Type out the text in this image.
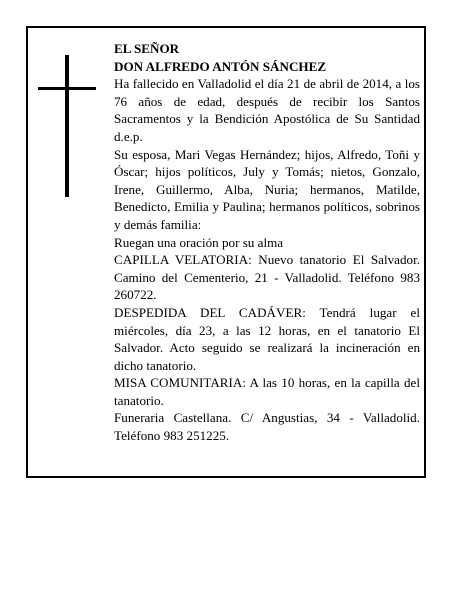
EL SEÑOR

DON ALFREDO ANTÓN SÁNCHEZ

Ha fallecido en Valladolid el día 21 de abril de 2014, a los 76 años de edad, después de recibir los Santos Sacramentos y la Bendición Apostólica de Su Santidad d.e.p.

Su esposa, Mari Vegas Hernández; hijos, Alfredo, Toñi y Óscar; hijos políticos, July y Tomás; nietos, Gonzalo, Irene, Guillermo, Alba, Nuria; hermanos, Matilde, Benedicto, Emilia y Paulina; hermanos políticos, sobrinos y demás familia:

Ruegan una oración por su alma

CAPILLA VELATORIA: Nuevo tanatorio El Salvador. Camino del Cementerio, 21 - Valladolid. Teléfono 983 260722.

DESPEDIDA DEL CADÁVER: Tendrá lugar el miércoles, día 23, a las 12 horas, en el tanatorio El Salvador. Acto seguido se realizará la incineración en dicho tanatorio.

MISA COMUNITARIA: A las 10 horas, en la capilla del tanatorio.

Funeraria Castellana. C/ Angustias, 34 - Valladolid. Teléfono 983 251225.
